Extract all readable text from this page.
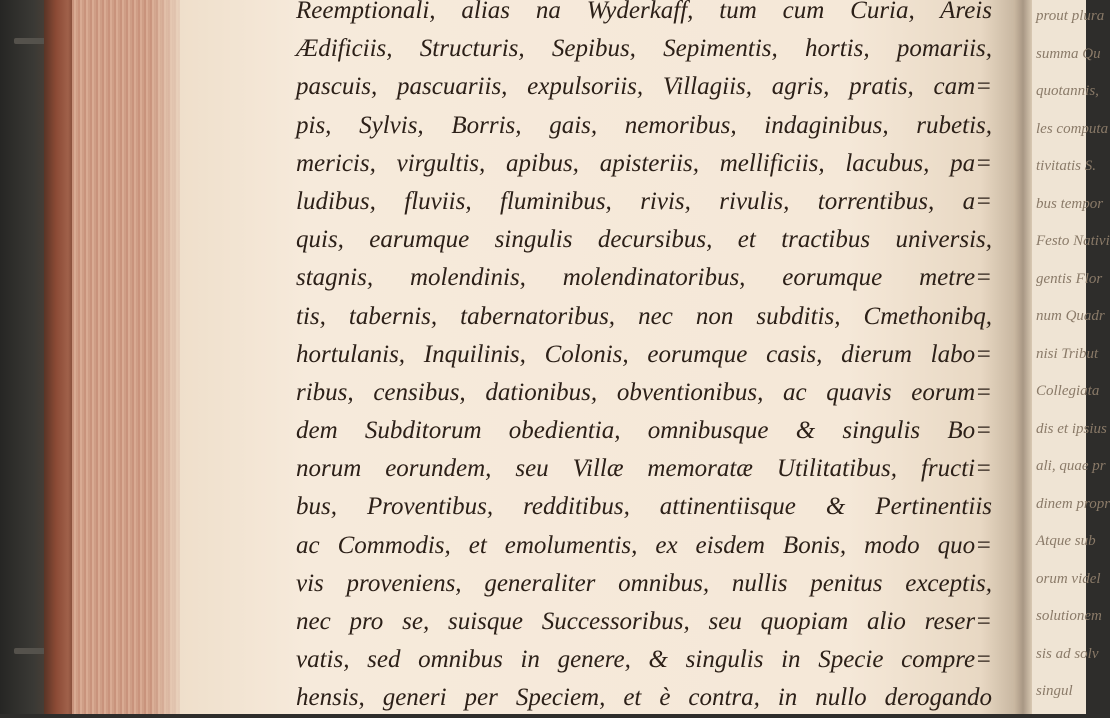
prout plura
summa Qu
quotannis,
les computa
tivitatis S.
bus tempor
Festo Nativi
gentis Flor
num Quadr
nisi Tribut
Collegiata
dis et ipsius
ali, quae pr
dinem propr
Atque sub
orum videl
solutionem
sis ad solv
singul
Reemptionali, alias na Wyderkaff, tum cum Curia, Areis
Ædificiis, Structuris, Sepibus, Sepimentis, hortis, pomariis,
pascuis, pascuariis, expulsoriis, Villagiis, agris, pratis, cam=
pis, Sylvis, Borris, gais, nemoribus, indaginibus, rubetis,
mericis, virgultis, apibus, apisteriis, mellificiis, lacubus, pa=
ludibus, fluviis, fluminibus, rivis, rivulis, torrentibus, a=
quis, earumque singulis decursibus, et tractibus universis,
stagnis, molendinis, molendinatoribus, eorumque metre=
tis, tabernis, tabernatoribus, nec non subditis, Cmethonibq,
hortulanis, Inquilinis, Colonis, eorumque casis, dierum labo=
ribus, censibus, dationibus, obventionibus, ac quavis eorum=
dem Subditorum obedientia, omnibusque & singulis Bo=
norum eorundem, seu Villæ memoratæ Utilitatibus, fructi=
bus, Proventibus, redditibus, attinentiisque & Pertinentiis
ac Commodis, et emolumentis, ex eisdem Bonis, modo quo=
vis proveniens, generaliter omnibus, nullis penitus exceptis,
nec pro se, suisque Successoribus, seu quopiam alio reser=
vatis, sed omnibus in genere, & singulis in Specie compre=
hensis, generi per Speciem, et è contra, in nullo derogando
